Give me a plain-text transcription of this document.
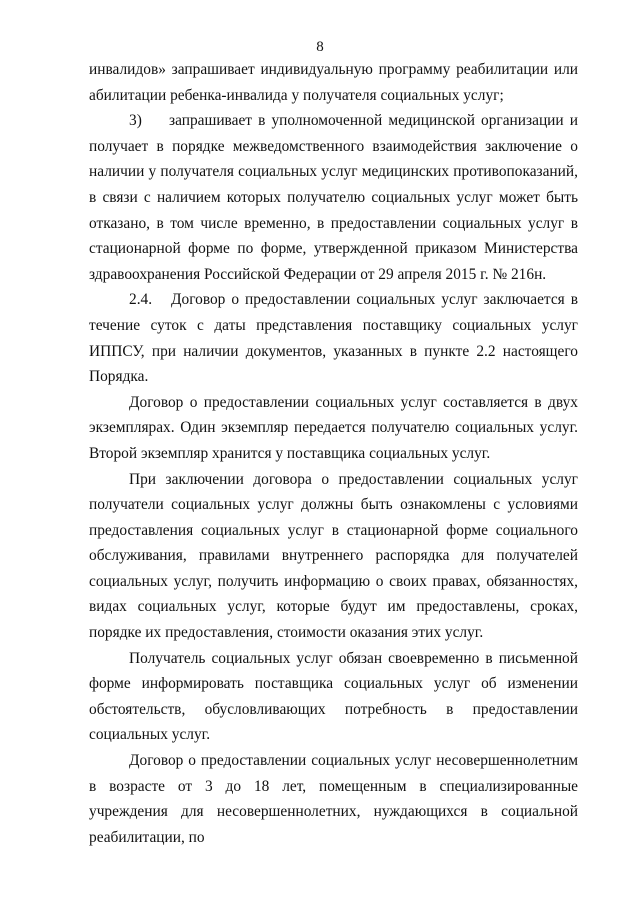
8

инвалидов» запрашивает индивидуальную программу реабилитации или абилитации ребенка-инвалида у получателя социальных услуг;

3) запрашивает в уполномоченной медицинской организации и получает в порядке межведомственного взаимодействия заключение о наличии у получателя социальных услуг медицинских противопоказаний, в связи с наличием которых получателю социальных услуг может быть отказано, в том числе временно, в предоставлении социальных услуг в стационарной форме по форме, утвержденной приказом Министерства здравоохранения Российской Федерации от 29 апреля 2015 г. № 216н.

2.4. Договор о предоставлении социальных услуг заключается в течение суток с даты представления поставщику социальных услуг ИППСУ, при наличии документов, указанных в пункте 2.2 настоящего Порядка.

Договор о предоставлении социальных услуг составляется в двух экземплярах. Один экземпляр передается получателю социальных услуг. Второй экземпляр хранится у поставщика социальных услуг.

При заключении договора о предоставлении социальных услуг получатели социальных услуг должны быть ознакомлены с условиями предоставления социальных услуг в стационарной форме социального обслуживания, правилами внутреннего распорядка для получателей социальных услуг, получить информацию о своих правах, обязанностях, видах социальных услуг, которые будут им предоставлены, сроках, порядке их предоставления, стоимости оказания этих услуг.

Получатель социальных услуг обязан своевременно в письменной форме информировать поставщика социальных услуг об изменении обстоятельств, обусловливающих потребность в предоставлении социальных услуг.

Договор о предоставлении социальных услуг несовершеннолетним в возрасте от 3 до 18 лет, помещенным в специализированные учреждения для несовершеннолетних, нуждающихся в социальной реабилитации, по
